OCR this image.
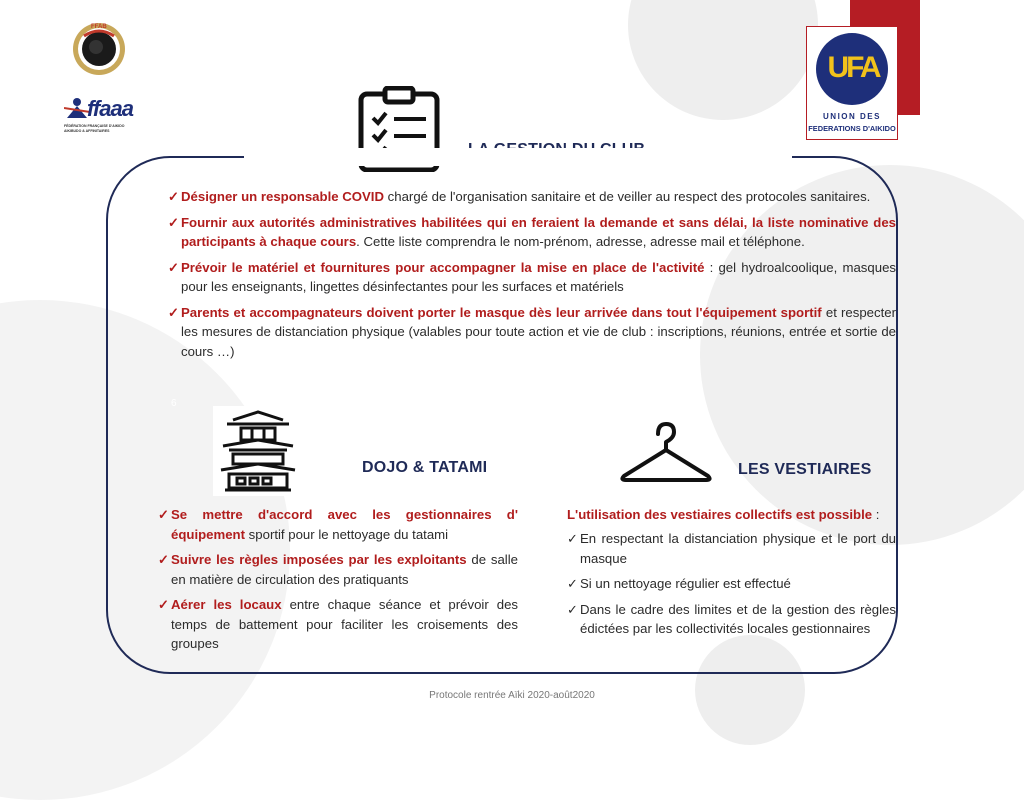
FFAB
ffaaa
FÉDÉRATION FRANÇAISE D'AIKIDO AIKIBUDO & AFFINITAIRES
UFA
UNION DES
FEDERATIONS D'AIKIDO
✓ Désigner un responsable COVID chargé de l'organisation sanitaire et de veiller au respect des protocoles sanitaires.
✓ Fournir aux autorités administratives habilitées qui en feraient la demande et sans délai, la liste nominative des participants à chaque cours. Cette liste comprendra le nom-prénom, adresse, adresse mail et téléphone.
✓ Prévoir le matériel et fournitures pour accompagner la mise en place de l'activité : gel hydroalcoolique, masques pour les enseignants, lingettes désinfectantes pour les surfaces et matériels
✓ Parents et accompagnateurs doivent porter le masque dès leur arrivée dans tout l'équipement sportif et respecter les mesures de distanciation physique (valables pour toute action et vie de club : inscriptions, réunions, entrée et sortie de cours …)
6
DOJO & TATAMI
✓ Se mettre d'accord avec les gestionnaires d' équipement sportif pour le nettoyage du tatami
✓ Suivre les règles imposées par les exploitants de salle en matière de circulation des pratiquants
✓ Aérer les locaux entre chaque séance et prévoir des temps de battement pour faciliter les croisements des groupes
LES VESTIAIRES
L'utilisation des vestiaires collectifs est possible :
✓ En respectant la distanciation physique et le port du masque
✓ Si un nettoyage régulier est effectué
✓ Dans le cadre des limites et de la gestion des règles édictées par les collectivités locales gestionnaires
Protocole rentrée Aïki 2020-août2020
